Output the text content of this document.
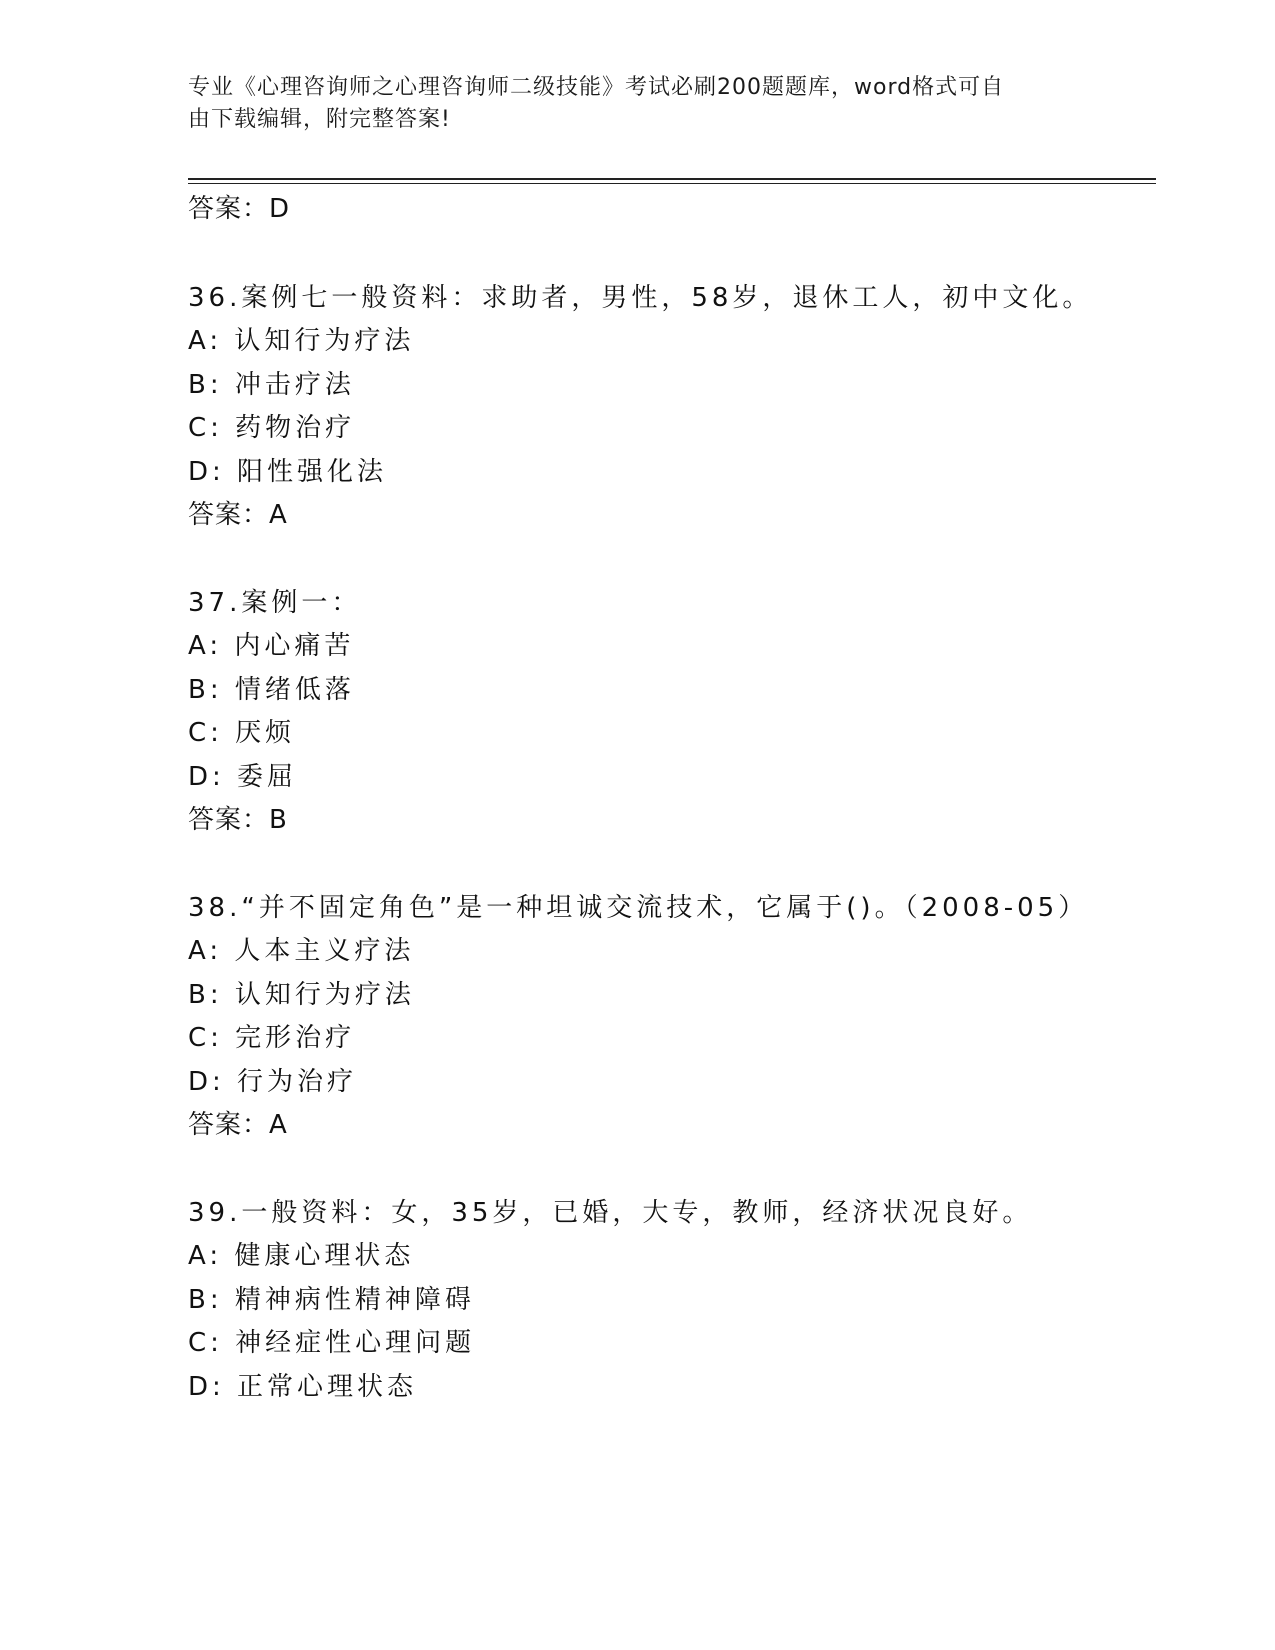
专业《心理咨询师之心理咨询师二级技能》考试必刷200题题库，word格式可自
由下载编辑，附完整答案!
答案：D
36.案例七一般资料：求助者，男性，58岁，退休工人，初中文化。
A: 认知行为疗法
B: 冲击疗法
C: 药物治疗
D: 阳性强化法
答案：A
37.案例一：
A: 内心痛苦
B: 情绪低落
C: 厌烦
D: 委屈
答案：B
38.“并不固定角色”是一种坦诚交流技术，它属于()。（2008-05）
A: 人本主义疗法
B: 认知行为疗法
C: 完形治疗
D: 行为治疗
答案：A
39.一般资料：女，35岁，已婚，大专，教师，经济状况良好。
A: 健康心理状态
B: 精神病性精神障碍
C: 神经症性心理问题
D: 正常心理状态
